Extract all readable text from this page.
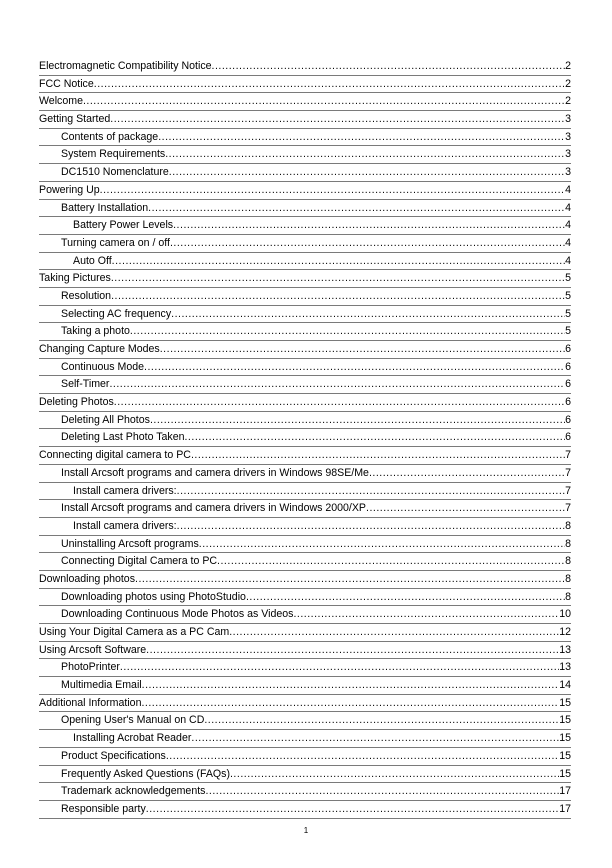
Electromagnetic Compatibility Notice .....	2
FCC Notice .....	2
Welcome .....	2
Getting Started .....	3
Contents of package .....	3
System Requirements .....	3
DC1510 Nomenclature .....	3
Powering Up .....	4
Battery Installation .....	4
Battery Power Levels .....	4
Turning camera on / off .....	4
Auto Off .....	4
Taking Pictures .....	5
Resolution .....	5
Selecting AC frequency .....	5
Taking a photo .....	5
Changing Capture Modes .....	6
Continuous Mode .....	6
Self-Timer .....	6
Deleting Photos .....	6
Deleting All Photos .....	6
Deleting Last Photo Taken .....	6
Connecting digital camera to PC .....	7
Install Arcsoft programs and camera drivers in Windows 98SE/Me .....	7
Install camera drivers: .....	7
Install Arcsoft programs and camera drivers in Windows 2000/XP .....	7
Install camera drivers: .....	8
Uninstalling Arcsoft programs .....	8
Connecting Digital Camera to PC .....	8
Downloading photos .....	8
Downloading photos using PhotoStudio .....	8
Downloading Continuous Mode Photos as Videos .....	10
Using Your Digital Camera as a PC Cam .....	12
Using Arcsoft Software .....	13
PhotoPrinter .....	13
Multimedia Email .....	14
Additional Information .....	15
Opening User's Manual on CD .....	15
Installing Acrobat Reader .....	15
Product Specifications .....	15
Frequently Asked Questions (FAQs) .....	15
Trademark acknowledgements .....	17
Responsible party .....	17
1
